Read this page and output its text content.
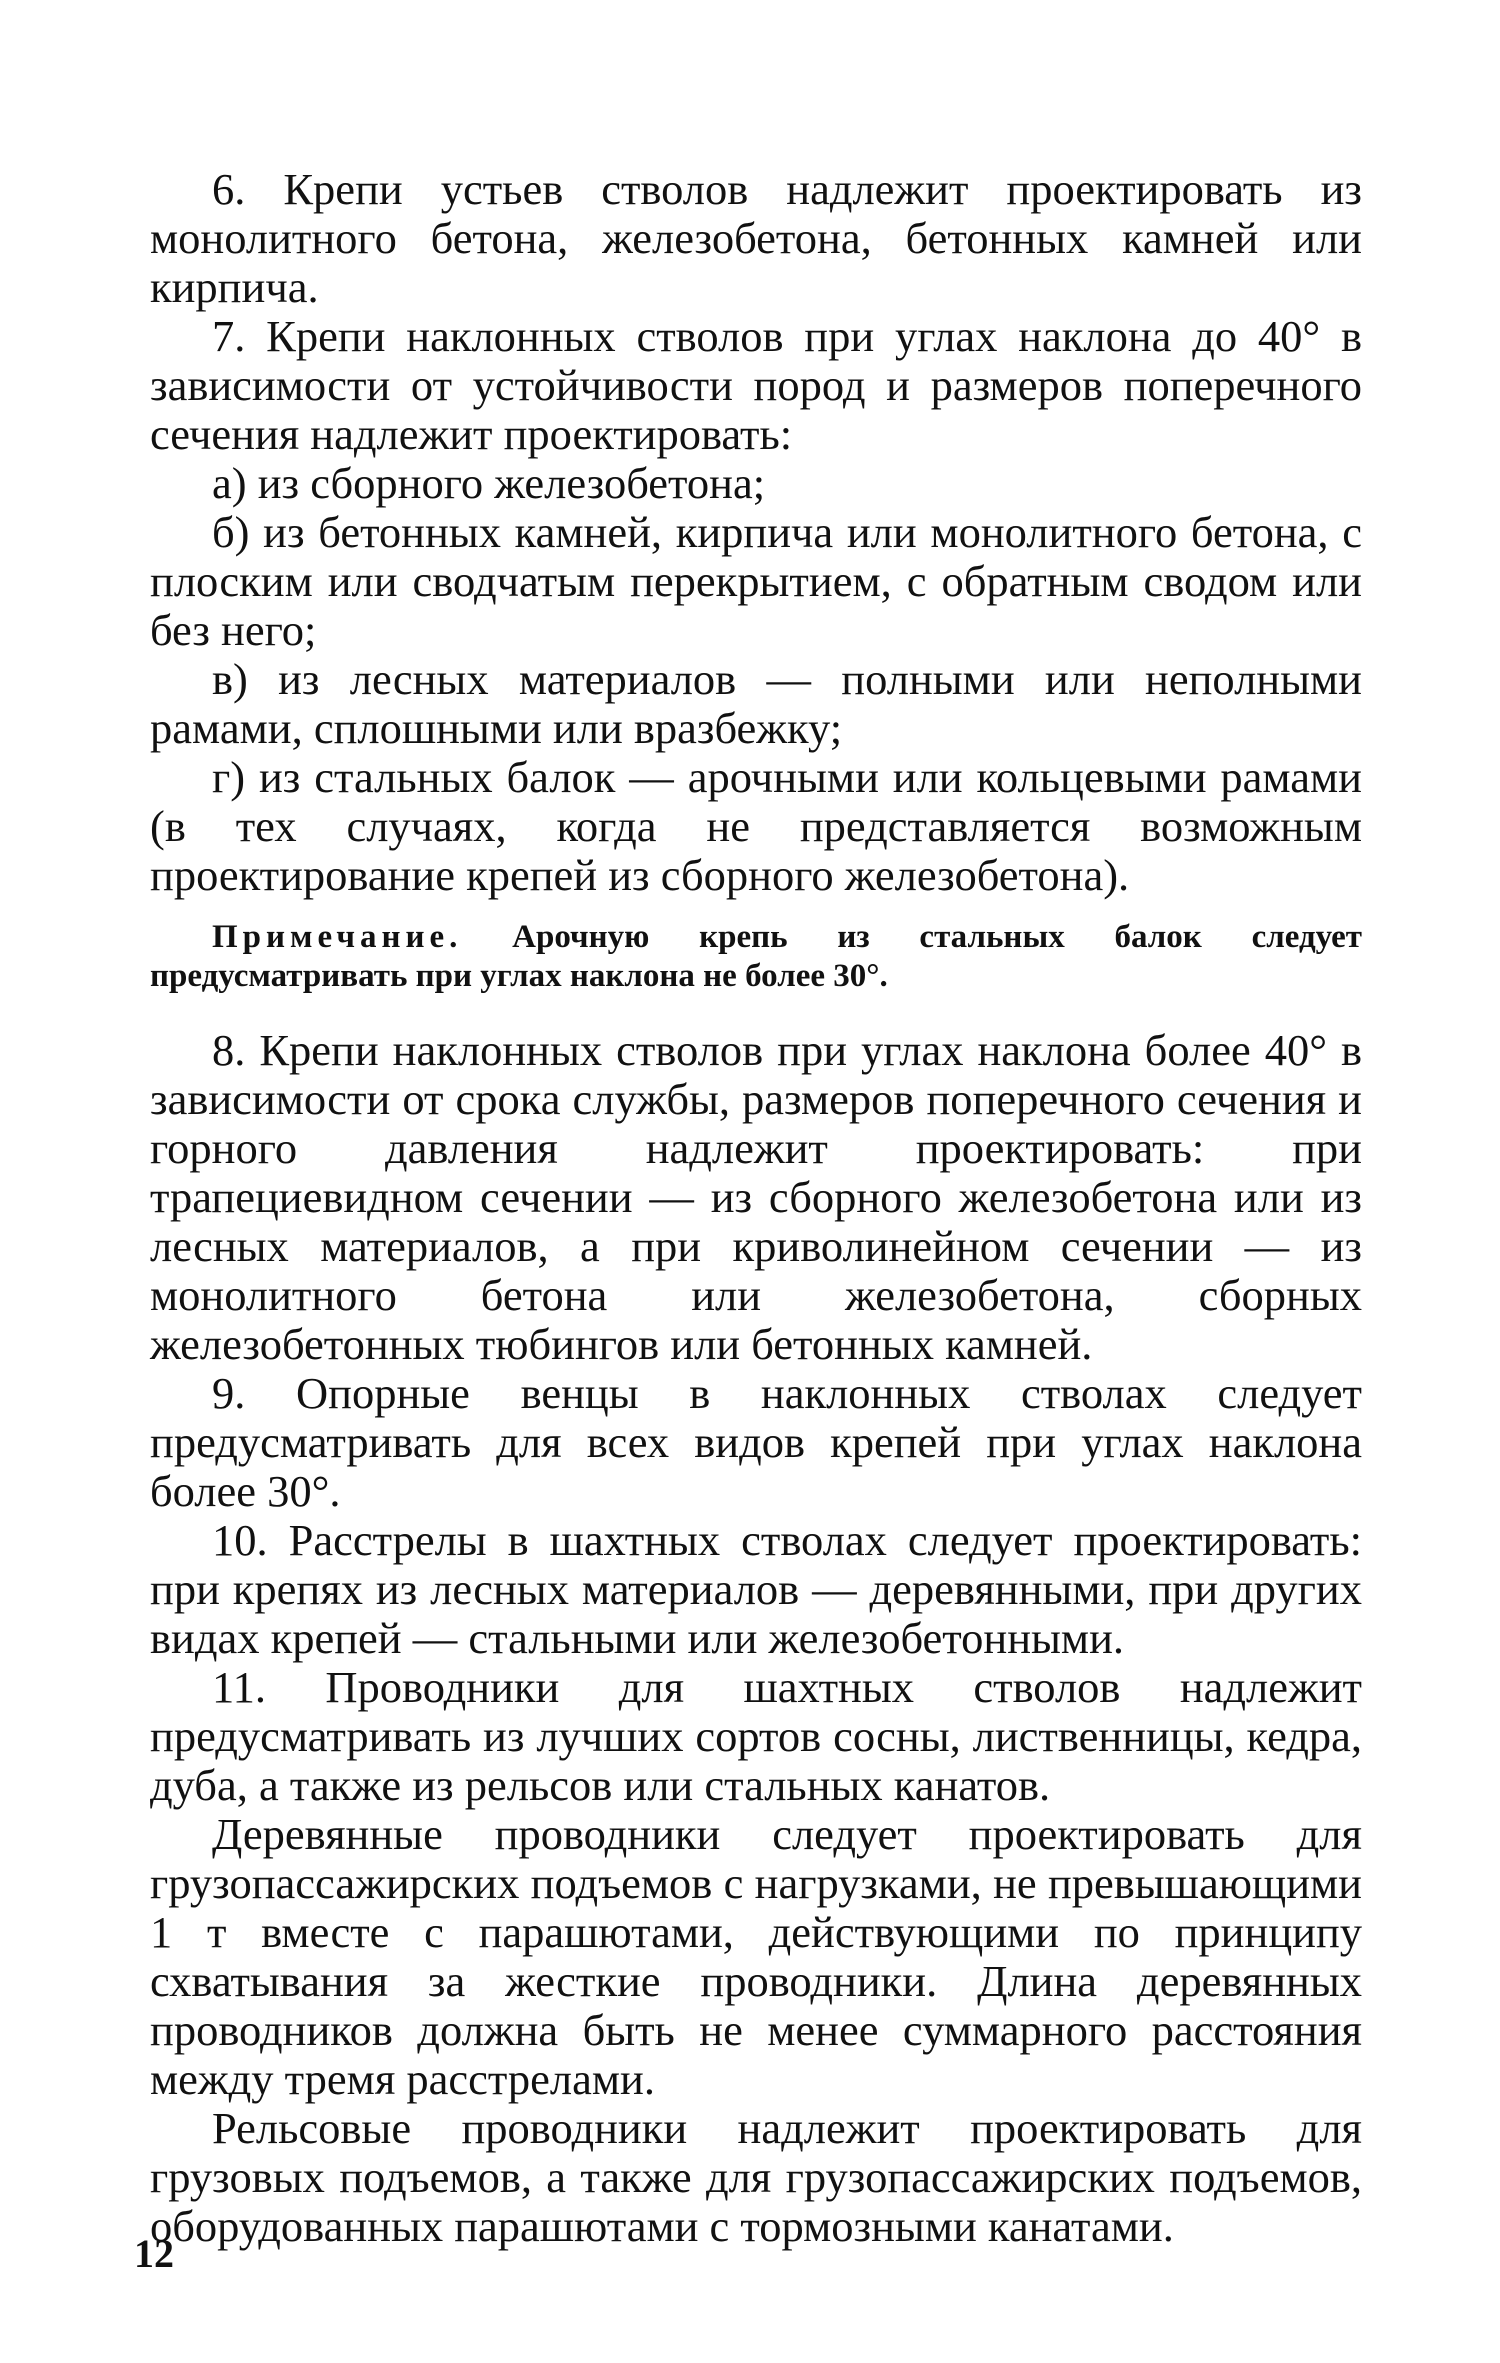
6. Крепи устьев стволов надлежит проектировать из монолитного бетона, железобетона, бетонных камней или кирпича.

7. Крепи наклонных стволов при углах наклона до 40° в зависимости от устойчивости пород и размеров поперечного сечения надлежит проектировать:

а) из сборного железобетона;

б) из бетонных камней, кирпича или монолитного бетона, с плоским или сводчатым перекрытием, с обратным сводом или без него;

в) из лесных материалов — полными или неполными рамами, сплошными или вразбежку;

г) из стальных балок — арочными или кольцевыми рамами (в тех случаях, когда не представляется возможным проектирование крепей из сборного железобетона).

Примечание. Арочную крепь из стальных балок следует предусматривать при углах наклона не более 30°.

8. Крепи наклонных стволов при углах наклона более 40° в зависимости от срока службы, размеров поперечного сечения и горного давления надлежит проектировать: при трапециевидном сечении — из сборного железобетона или из лесных материалов, а при криволинейном сечении — из монолитного бетона или железобетона, сборных железобетонных тюбингов или бетонных камней.

9. Опорные венцы в наклонных стволах следует предусматривать для всех видов крепей при углах наклона более 30°.

10. Расстрелы в шахтных стволах следует проектировать: при крепях из лесных материалов — деревянными, при других видах крепей — стальными или железобетонными.

11. Проводники для шахтных стволов надлежит предусматривать из лучших сортов сосны, лиственницы, кедра, дуба, а также из рельсов или стальных канатов.

Деревянные проводники следует проектировать для грузопассажирских подъемов с нагрузками, не превышающими 1 т вместе с парашютами, действующими по принципу схватывания за жесткие проводники. Длина деревянных проводников должна быть не менее суммарного расстояния между тремя расстрелами.

Рельсовые проводники надлежит проектировать для грузовых подъемов, а также для грузопассажирских подъемов, оборудованных парашютами с тормозными канатами.

12
